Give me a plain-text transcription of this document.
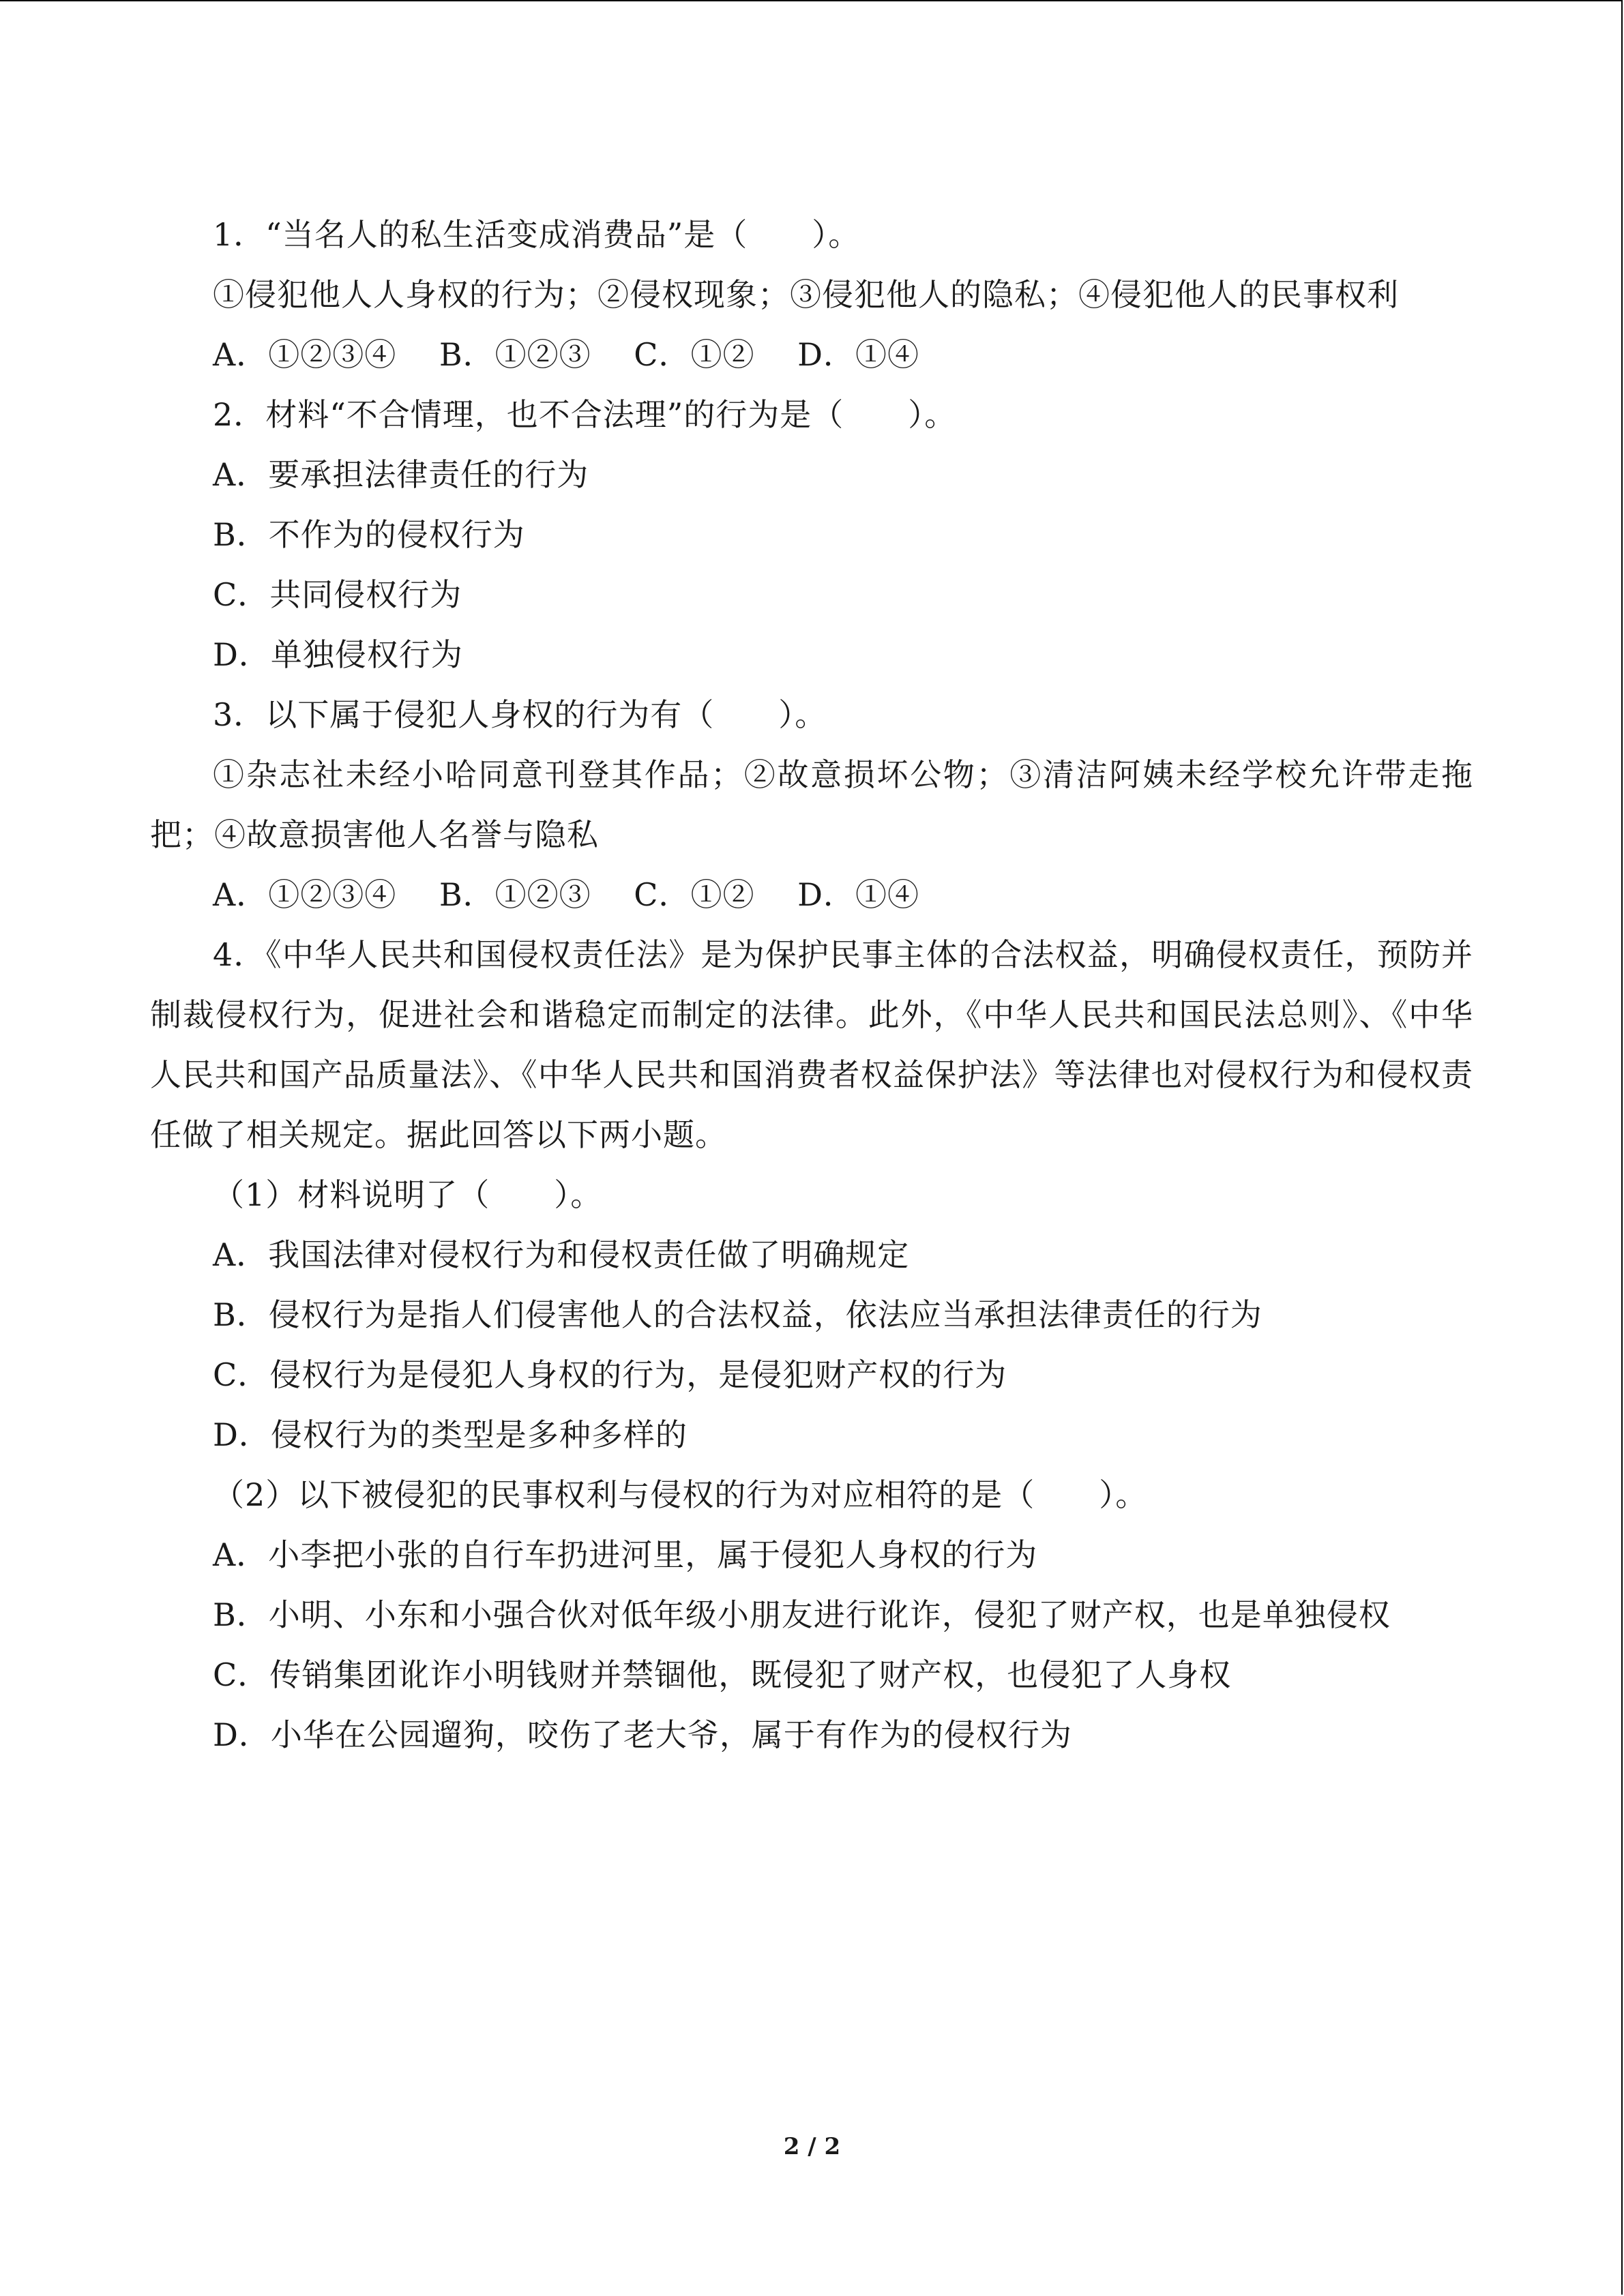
1．“当名人的私生活变成消费品”是（　　）。
①侵犯他人人身权的行为；②侵权现象；③侵犯他人的隐私；④侵犯他人的民事权利
A．①②③④　 B．①②③　 C．①②　 D．①④
2．材料“不合情理，也不合法理”的行为是（　　）。
A．要承担法律责任的行为
B．不作为的侵权行为
C．共同侵权行为
D．单独侵权行为
3．以下属于侵犯人身权的行为有（　　）。
①杂志社未经小哈同意刊登其作品；②故意损坏公物；③清洁阿姨未经学校允许带走拖把；④故意损害他人名誉与隐私
A．①②③④　 B．①②③　 C．①②　 D．①④
4．《中华人民共和国侵权责任法》是为保护民事主体的合法权益，明确侵权责任，预防并制裁侵权行为，促进社会和谐稳定而制定的法律。此外，《中华人民共和国民法总则》、《中华人民共和国产品质量法》、《中华人民共和国消费者权益保护法》等法律也对侵权行为和侵权责任做了相关规定。据此回答以下两小题。
（1）材料说明了（　　）。
A．我国法律对侵权行为和侵权责任做了明确规定
B．侵权行为是指人们侵害他人的合法权益，依法应当承担法律责任的行为
C．侵权行为是侵犯人身权的行为，是侵犯财产权的行为
D．侵权行为的类型是多种多样的
（2）以下被侵犯的民事权利与侵权的行为对应相符的是（　　）。
A．小李把小张的自行车扔进河里，属于侵犯人身权的行为
B．小明、小东和小强合伙对低年级小朋友进行讹诈，侵犯了财产权，也是单独侵权
C．传销集团讹诈小明钱财并禁锢他，既侵犯了财产权，也侵犯了人身权
D．小华在公园遛狗，咬伤了老大爷，属于有作为的侵权行为
2 / 2
